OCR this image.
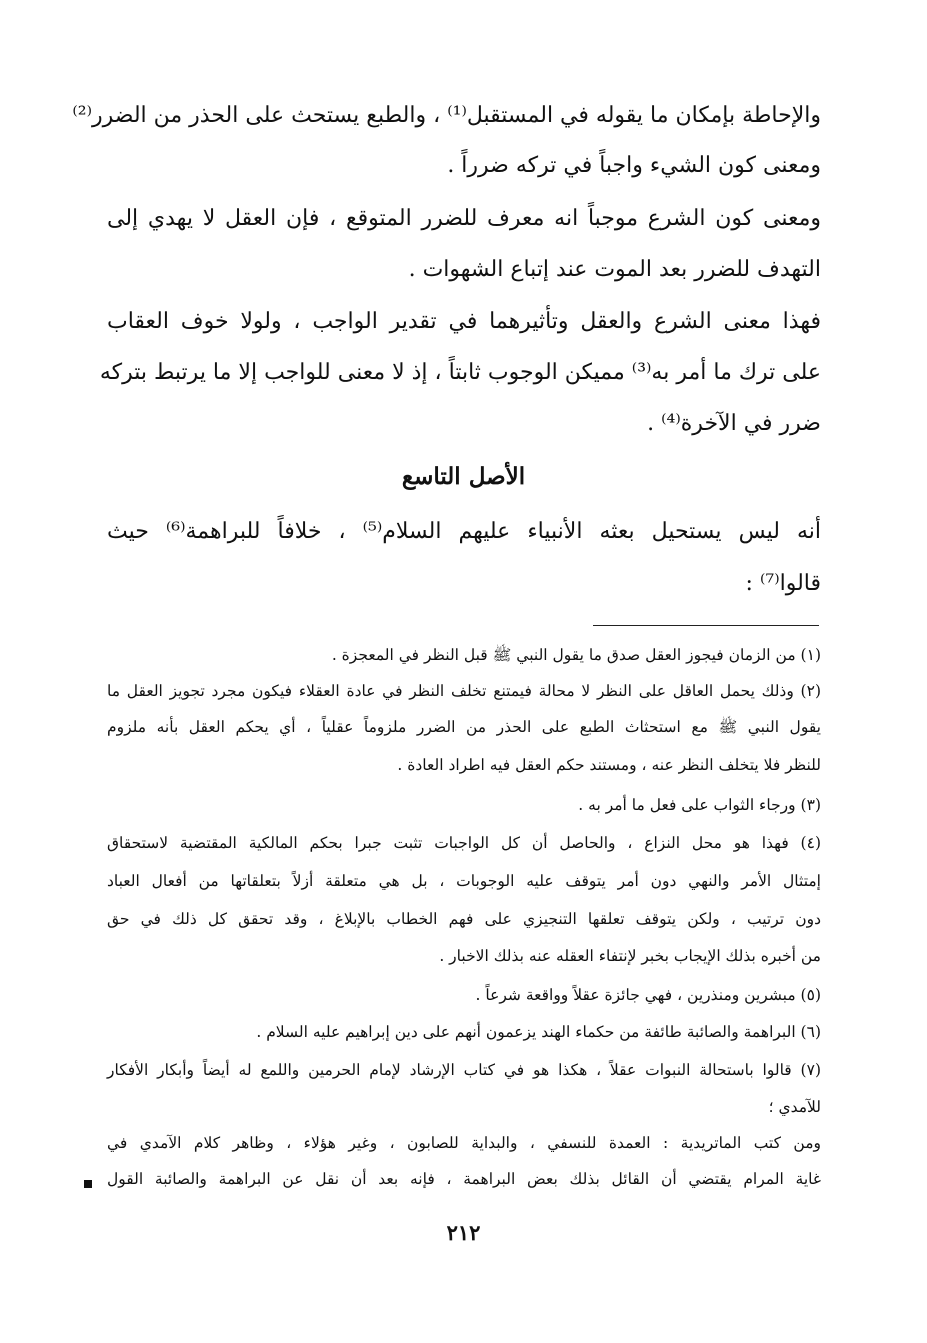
والإحاطة بإمكان ما يقوله في المستقبل⁽¹⁾ ، والطبع يستحث على الحذر من الضرر⁽²⁾
ومعنى كون الشيء واجباً في تركه ضرراً .
ومعنى كون الشرع موجباً انه معرف للضرر المتوقع ، فإن العقل لا يهدي إلى
التهدف للضرر بعد الموت عند إتباع الشهوات .
فهذا معنى الشرع والعقل وتأثيرهما في تقدير الواجب ، ولولا خوف العقاب
على ترك ما أمر به⁽³⁾ مميكن الوجوب ثابتاً ، إذ لا معنى للواجب إلا ما يرتبط بتركه
ضرر في الآخرة⁽⁴⁾ .
الأصل التاسع
أنه ليس يستحيل بعثه الأنبياء عليهم السلام⁽⁵⁾ ، خلافاً للبراهمة⁽⁶⁾ حيث
قالوا⁽⁷⁾ :
(١) من الزمان فيجوز العقل صدق ما يقول النبي ﷺ قبل النظر في المعجزة .
(٢) وذلك يحمل العاقل على النظر لا محالة فيمتنع تخلف النظر في عادة العقلاء فيكون مجرد تجويز العقل ما
يقول النبي ﷺ مع استحثاث الطبع على الحذر من الضرر ملزوماً عقلياً ، أي يحكم العقل بأنه ملزوم
للنظر فلا يتخلف النظر عنه ، ومستند حكم العقل فيه اطراد العادة .
(٣) ورجاء الثواب على فعل ما أمر به .
(٤) فهذا هو محل النزاع ، والحاصل أن كل الواجبات تثبت جبرا بحكم المالكية المقتضية لاستحقاق
إمتثال الأمر والنهي دون أمر يتوقف عليه الوجوبات ، بل هي متعلقة أزلاً بتعلقاتها من أفعال العباد
دون ترتيب ، ولكن يتوقف تعلقها التنجيزي على فهم الخطاب بالإبلاغ ، وقد تحقق كل ذلك في حق
من أخبره بذلك الإيجاب بخبر لإنتفاء العقله عنه بذلك الاخبار .
(٥) مبشرين ومنذرين ، فهي جائزة عقلاً وواقعة شرعاً .
(٦) البراهمة والصائبة طائفة من حكماء الهند يزعمون أنهم على دين إبراهيم عليه السلام .
(٧) قالوا باستحالة النبوات عقلاً ، هكذا هو في كتاب الإرشاد لإمام الحرمين واللمع له أيضاً وأبكار الأفكار
للآمدي ؛
ومن كتب الماتريدية : العمدة للنسفي ، والبداية للصابون ، وغير هؤلاء ، وظاهر كلام الآمدي في
غاية المرام يقتضي أن القائل بذلك بعض البراهمة ، فإنه بعد أن نقل عن البراهمة والصائبة القول
٢١٢
